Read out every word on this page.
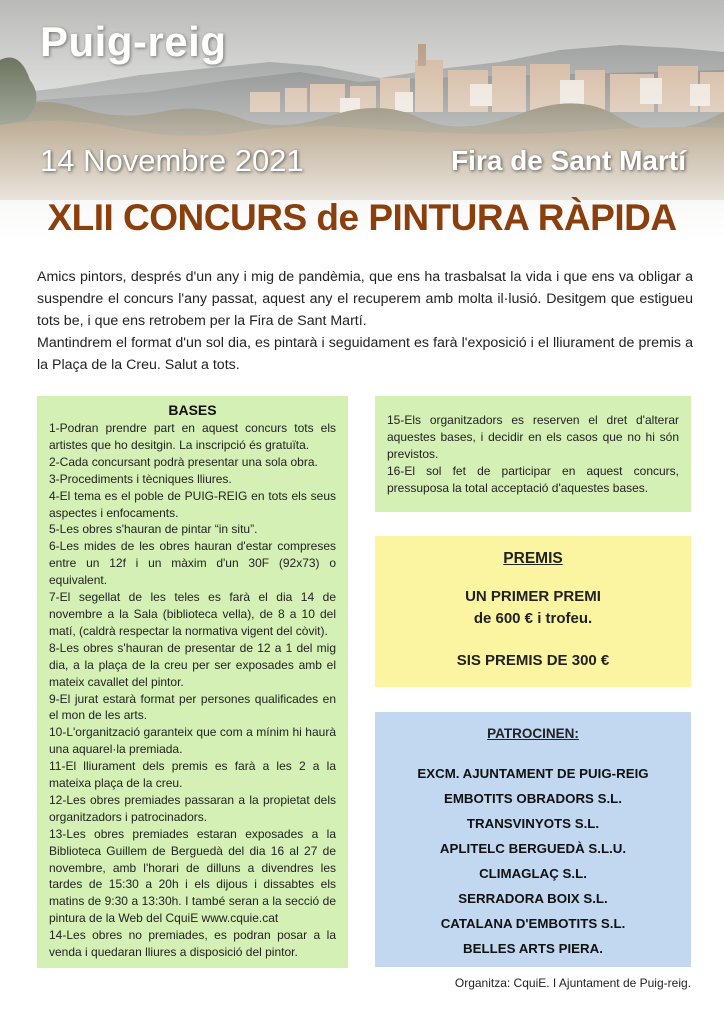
Puig-reig
14 Novembre 2021	Fira de Sant Martí
XLII CONCURS de PINTURA RÀPIDA

Amics pintors, després d'un any i mig de pandèmia, que ens ha trasbalsat la vida i que ens va obligar a suspendre el concurs l'any passat, aquest any el recuperem amb molta il·lusió. Desitgem que estigueu tots be, i que ens retrobem per la Fira de Sant Martí.

Mantindrem el format d'un sol dia, es pintarà i seguidament es farà l'exposició i el lliurament de premis a la Plaça de la Creu. Salut a tots.

BASES

1-Podran prendre part en aquest concurs tots els artistes que ho desitgin. La inscripció és gratuïta.

2-Cada concursant podrà presentar una sola obra.

3-Procediments i tècniques lliures.

4-El tema es el poble de PUIG-REIG en tots els seus aspectes i enfocaments.

5-Les obres s'hauran de pintar “in situ”.

6-Les mides de les obres hauran d'estar compreses entre un 12f i un màxim d'un 30F (92x73) o equivalent.

7-El segellat de les teles es farà el dia 14 de novembre a la Sala (biblioteca vella), de 8 a 10 del matí, (caldrà respectar la normativa vigent del còvit).

8-Les obres s'hauran de presentar de 12 a 1 del mig dia, a la plaça de la creu per ser exposades amb el mateix cavallet del pintor.

9-El jurat estarà format per persones qualificades en el mon de les arts.

10-L'organització garanteix que com a mínim hi haurà una aquarel·la premiada.

11-El lliurament dels premis es farà a les 2 a la mateixa plaça de la creu.

12-Les obres premiades passaran a la propietat dels organitzadors i patrocinadors.

13-Les obres premiades estaran exposades a la Biblioteca Guillem de Berguedà del dia 16 al 27 de novembre, amb l'horari de dilluns a divendres les tardes de 15:30 a 20h i els dijous i dissabtes els matins de 9:30 a 13:30h. I també seran a la secció de pintura de la Web del CquiE www.cquie.cat

14-Les obres no premiades, es podran posar a la venda i quedaran lliures a disposició del pintor.

15-Els organitzadors es reserven el dret d'alterar aquestes bases, i decidir en els casos que no hi són previstos.

16-El sol fet de participar en aquest concurs, pressuposa la total acceptació d'aquestes bases.

PREMIS
UN PRIMER PREMI
de 600 € i trofeu.
SIS PREMIS DE 300 €
PATROCINEN:
EXCM. AJUNTAMENT DE PUIG-REIG
EMBOTITS OBRADORS S.L.
TRANSVINYOTS S.L.
APLITELC BERGUEDÀ S.L.U.
CLIMAGLAÇ S.L.
SERRADORA BOIX S.L.
CATALANA D'EMBOTITS S.L.
BELLES ARTS PIERA.
Organitza: CquiE. I Ajuntament de Puig-reig.
